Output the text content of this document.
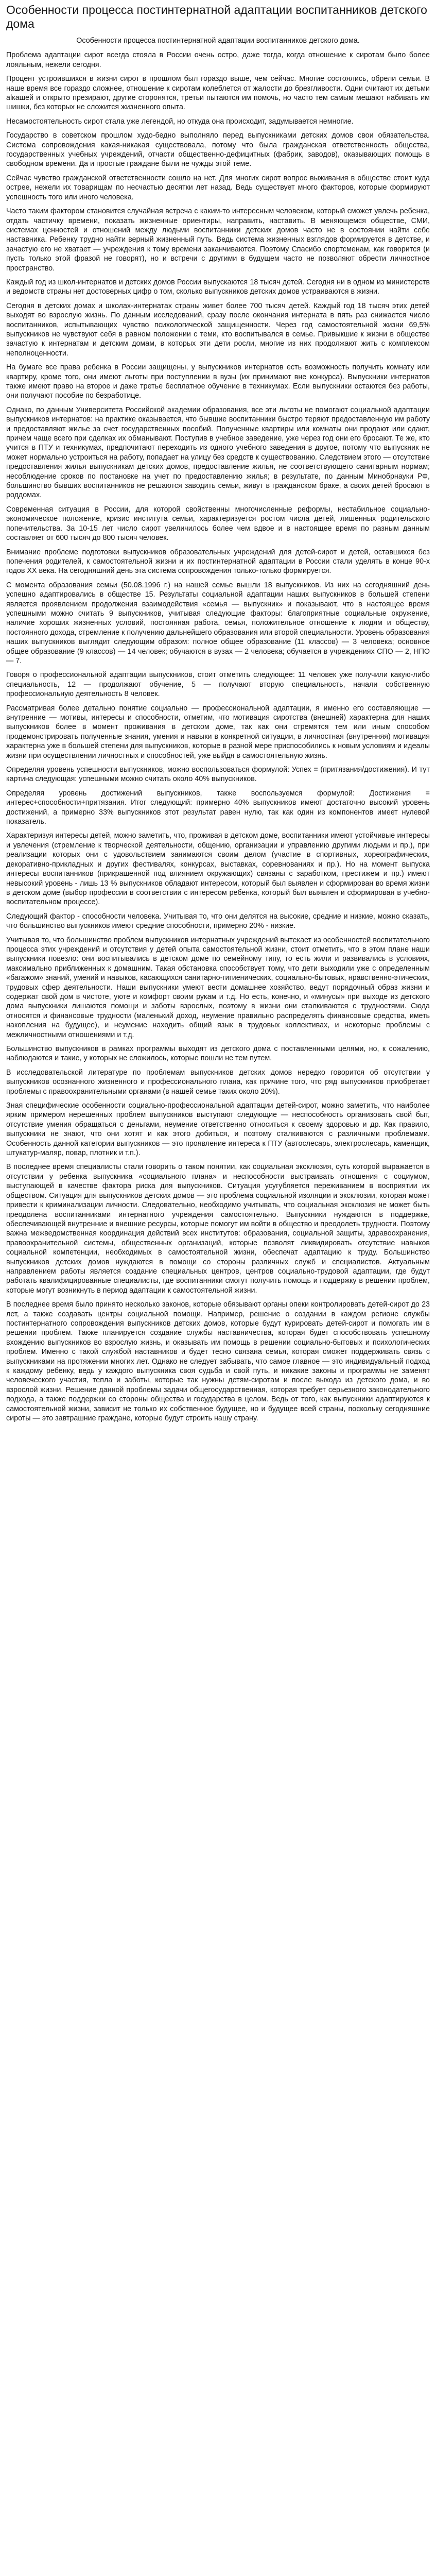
Особенности процесса постинтернатной адаптации воспитанников детского дома

Особенности процесса постинтернатной адаптации воспитанников детского дома.

Проблема адаптации сирот всегда стояла в России очень остро, даже тогда, когда отношение к сиротам было более лояльным, нежели сегодня.

Процент устроившихся в жизни сирот в прошлом был гораздо выше, чем сейчас. Многие состоялись, обрели семьи. В наше время все гораздо сложнее, отношение к сиротам колеблется от жалости до брезгливости. Одни считают их детьми alкашей и открыто презирают, другие сторонятся, третьи пытаются им помочь, но часто тем самым мешают набивать им шишки, без которых не сложится жизненного опыта.

Несамостоятельность сирот стала уже легендой, но откуда она происходит, задумывается немногие.

Государство в советском прошлом худо-бедно выполняло перед выпускниками детских домов свои обязательства. Система сопровождения какая-никакая существовала, потому что была гражданская ответственность общества, государственных учебных учреждений, отчасти общественно-дефицитных (фабрик, заводов), оказывающих помощь в свободном времени. Да и простые граждане были не чужды этой теме.

Сейчас чувство гражданской ответственности сошло на нет. Для многих сирот вопрос выживания в обществе стоит куда острее, нежели их товарищам по несчастью десятки лет назад. Ведь существует много факторов, которые формируют успешность того или иного человека.

Часто таким фактором становится случайная встреча с каким-то интересным человеком, который сможет увлечь ребенка, отдать частичку времени, показать жизненные ориентиры, направить, наставить. В меняющемся обществе, СМИ, системах ценностей и отношений между людьми воспитанники детских домов часто не в состоянии найти себе наставника. Ребенку трудно найти верный жизненный путь. Ведь система жизненных взглядов формируется в детстве, и зачастую его не хватает — учреждения к тому времени заканчиваются. Поэтому Спасибо спортсменам, как говорится (и пусть только этой фразой не говорят), но и встречи с другими в будущем часто не позволяют обрести личностное пространство.

Каждый год из школ-интернатов и детских домов России выпускаются 18 тысяч детей. Сегодня ни в одном из министерств и ведомств страны нет достоверных цифр о том, сколько выпускников детских домов устраиваются в жизни.

Сегодня в детских домах и школах-интернатах страны живет более 700 тысяч детей. Каждый год 18 тысяч этих детей выходят во взрослую жизнь. По данным исследований, сразу после окончания интерната в пять раз снижается число воспитанников, испытывающих чувство психологической защищенности. Через год самостоятельной жизни 69,5% выпускников не чувствуют себя в равном положении с теми, кто воспитывался в семье. Привыкшие к жизни в обществе зачастую к интернатам и детским домам, в которых эти дети росли, многие из них продолжают жить с комплексом неполноценности.

На бумаге все права ребенка в России защищены, у выпускников интернатов есть возможность получить комнату или квартиру, кроме того, они имеют льготы при поступлении в вузы (их принимают вне конкурса). Выпускники интернатов также имеют право на второе и даже третье бесплатное обучение в техникумах. Если выпускники остаются без работы, они получают пособие по безработице.

Однако, по данным Университета Российской академии образования, все эти льготы не помогают социальной адаптации выпускников интернатов: на практике оказывается, что бывшие воспитанники быстро теряют предоставленную им работу и предоставляют жилье за счет государственных пособий. Полученные квартиры или комнаты они продают или сдают, причем чаще всего при сделках их обманывают. Поступив в учебное заведение, уже через год они его бросают. Те же, кто учится в ПТУ и техникумах, предпочитают переходить из одного учебного заведения в другое, потому что выпускник не может нормально устроиться на работу, попадает на улицу без средств к существованию. Следствием этого — отсутствие предоставления жилья выпускникам детских домов, предоставление жилья, не соответствующего санитарным нормам; несоблюдение сроков по постановке на учет по предоставлению жилья; в результате, по данным Минобрнауки РФ, большинство бывших воспитанников не решаются заводить семьи, живут в гражданском браке, а своих детей бросают в роддомах.

Современная ситуация в России, для которой свойственны многочисленные реформы, нестабильное социально-экономическое положение, кризис института семьи, характеризуется ростом числа детей, лишенных родительского попечительства. За 10-15 лет число сирот увеличилось более чем вдвое и в настоящее время по разным данным составляет от 600 тысяч до 800 тысяч человек.

Внимание проблеме подготовки выпускников образовательных учреждений для детей-сирот и детей, оставшихся без попечения родителей, к самостоятельной жизни и их постинтернатной адаптации в России стали уделять в конце 90-х годов XX века. На сегодняшний день эта система сопровождения только-только формируется.

С момента образования семьи (50.08.1996 г.) на нашей семье вышли 18 выпускников. Из них на сегодняшний день успешно адаптировались в обществе 15. Результаты социальной адаптации наших выпускников в большей степени является проявлением продолжения взаимодействия «семья — выпускник» и показывают, что в настоящее время успешными можно считать 9 выпускников, учитывая следующие факторы: благоприятные социальные окружение, наличие хороших жизненных условий, постоянная работа, семья, положительное отношение к людям и обществу, постоянного дохода, стремление к получению дальнейшего образования или второй специальности. Уровень образования наших выпускников выглядит следующим образом: полное общее образование (11 классов) — 3 человека; основное общее образование (9 классов) — 14 человек; обучаются в вузах — 2 человека; обучается в учреждениях СПО — 2, НПО — 7.

Говоря о профессиональной адаптации выпускников, стоит отметить следующее: 11 человек уже получили какую-либо специальность, 12 — продолжают обучение, 5 — получают вторую специальность, начали собственную профессиональную деятельность 8 человек.

Рассматривая более детально понятие социально — профессиональной адаптации, я именно его составляющие — внутренние — мотивы, интересы и способности, отметим, что мотивация сиротства (внешней) характерна для наших выпускников более в момент проживания в детском доме, так как они стремятся тем или иным способом продемонстрировать полученные знания, умения и навыки в конкретной ситуации, в личностная (внутренняя) мотивация характерна уже в большей степени для выпускников, которые в разной мере приспособились к новым условиям и идеалы жизни при осуществлении личностных и способностей, уже выйдя в самостоятельную жизнь.

Определяя уровень успешности выпускников, можно воспользоваться формулой: Успех = (притязания/достижения). И тут картина следующая: успешными можно считать около 40% выпускников.

Определяя уровень достижений выпускников, также воспользуемся формулой: Достижения = интерес+способности+притязания. Итог следующий: примерно 40% выпускников имеют достаточно высокий уровень достижений, а примерно 33% выпускников этот результат равен нулю, так как один из компонентов имеет нулевой показатель.

Характеризуя интересы детей, можно заметить, что, проживая в детском доме, воспитанники имеют устойчивые интересы и увлечения (стремление к творческой деятельности, общению, организации и управлению другими людьми и пр.), при реализации которых они с удовольствием занимаются своим делом (участие в спортивных, хореографических, декоративно-прикладных и других фестивалях, конкурсах, выставках, соревнованиях и пр.). Но на момент выпуска интересы воспитанников (прикрашенной под влиянием окружающих) связаны с заработком, престижем и пр.) имеют невысокий уровень - лишь 13 % выпускников обладают интересом, который был выявлен и сформирован во время жизни в детском доме (выбор профессии в соответствии с интересом ребенка, который был выявлен и сформирован в учебно-воспитательном процессе).

Следующий фактор - способности человека. Учитывая то, что они делятся на высокие, средние и низкие, можно сказать, что большинство выпускников имеют средние способности, примерно 20% - низкие.

Учитывая то, что большинство проблем выпускников интернатных учреждений вытекает из особенностей воспитательного процесса этих учреждений и отсутствия у детей опыта самостоятельной жизни, стоит отметить, что в этом плане наши выпускники повезло: они воспитывались в детском доме по семейному типу, то есть жили и развивались в условиях, максимально приближенных к домашним. Такая обстановка способствует тому, что дети выходили уже с определенным «багажом» знаний, умений и навыков, касающихся санитарно-гигиенических, социально-бытовых, нравственно-этических, трудовых сфер деятельности. Наши выпускники умеют вести домашнее хозяйство, ведут порядочный образ жизни и содержат свой дом в чистоте, уюте и комфорт своим рукам и т.д. Но есть, конечно, и «минусы» при выходе из детского дома выпускники лишаются помощи и заботы взрослых, поэтому в жизни они сталкиваются с трудностями. Сюда относятся и финансовые трудности (маленький доход, неумение правильно распределять финансовые средства, иметь накопления на будущее), и неумение находить общий язык в трудовых коллективах, и некоторые проблемы с межличностными отношениями и т.д.

Большинство выпускников в рамках программы выходят из детского дома с поставленными целями, но, к сожалению, наблюдаются и такие, у которых не сложилось, которые пошли не тем путем.

В исследовательской литературе по проблемам выпускников детских домов нередко говорится об отсутствии у выпускников осознанного жизненного и профессионального плана, как причине того, что ряд выпускников приобретает проблемы с правоохранительными органами (в нашей семье таких около 20%).

Зная специфические особенности социально-профессиональной адаптации детей-сирот, можно заметить, что наиболее ярким примером нерешенных проблем выпускников выступают следующие — неспособность организовать свой быт, отсутствие умения обращаться с деньгами, неумение ответственно относиться к своему здоровью и др. Как правило, выпускники не знают, что они хотят и как этого добиться, и поэтому сталкиваются с различными проблемами. Особенность данной категории выпускников — это проявление интереса к ПТУ (автослесарь, электрослесарь, каменщик, штукатур-маляр, повар, плотник и т.п.).

В последнее время специалисты стали говорить о таком понятии, как социальная эксклюзия, суть которой выражается в отсутствии у ребенка выпускника «социального плана» и неспособности выстраивать отношения с социумом, выступающей в качестве фактора риска для выпускников. Ситуация усугубляется переживанием в восприятии их обществом. Ситуация для выпускников детских домов — это проблема социальной изоляции и эксклюзии, которая может привести к криминализации личности. Следовательно, необходимо учитывать, что социальная эксклюзия не может быть преодолена воспитанниками интернатного учреждения самостоятельно. Выпускники нуждаются в поддержке, обеспечивающей внутренние и внешние ресурсы, которые помогут им войти в общество и преодолеть трудности. Поэтому важна межведомственная координация действий всех институтов: образования, социальной защиты, здравоохранения, правоохранительной системы, общественных организаций, которые позволят ликвидировать отсутствие навыков социальной компетенции, необходимых в самостоятельной жизни, обеспечат адаптацию к труду. Большинство выпускников детских домов нуждаются в помощи со стороны различных служб и специалистов. Актуальным направлением работы является создание специальных центров, центров социально-трудовой адаптации, где будут работать квалифицированные специалисты, где воспитанники смогут получить помощь и поддержку в решении проблем, которые могут возникнуть в период адаптации к самостоятельной жизни.

В последнее время было принято несколько законов, которые обязывают органы опеки контролировать детей-сирот до 23 лет, а также создавать центры социальной помощи. Например, решение о создании в каждом регионе службы постинтернатного сопровождения выпускников детских домов, которые будут курировать детей-сирот и помогать им в решении проблем. Также планируется создание службы наставничества, которая будет способствовать успешному вхождению выпускников во взрослую жизнь, и оказывать им помощь в решении социально-бытовых и психологических проблем. Именно с такой службой наставников и будет тесно связана семья, которая сможет поддерживать связь с выпускниками на протяжении многих лет. Однако не следует забывать, что самое главное — это индивидуальный подход к каждому ребенку, ведь у каждого выпускника своя судьба и свой путь, и никакие законы и программы не заменят человеческого участия, тепла и заботы, которые так нужны детям-сиротам и после выхода из детского дома, и во взрослой жизни. Решение данной проблемы задачи общегосударственная, которая требует серьезного законодательного подхода, а также поддержки со стороны общества и государства в целом. Ведь от того, как выпускники адаптируются к самостоятельной жизни, зависит не только их собственное будущее, но и будущее всей страны, поскольку сегодняшние сироты — это завтрашние граждане, которые будут строить нашу страну.
